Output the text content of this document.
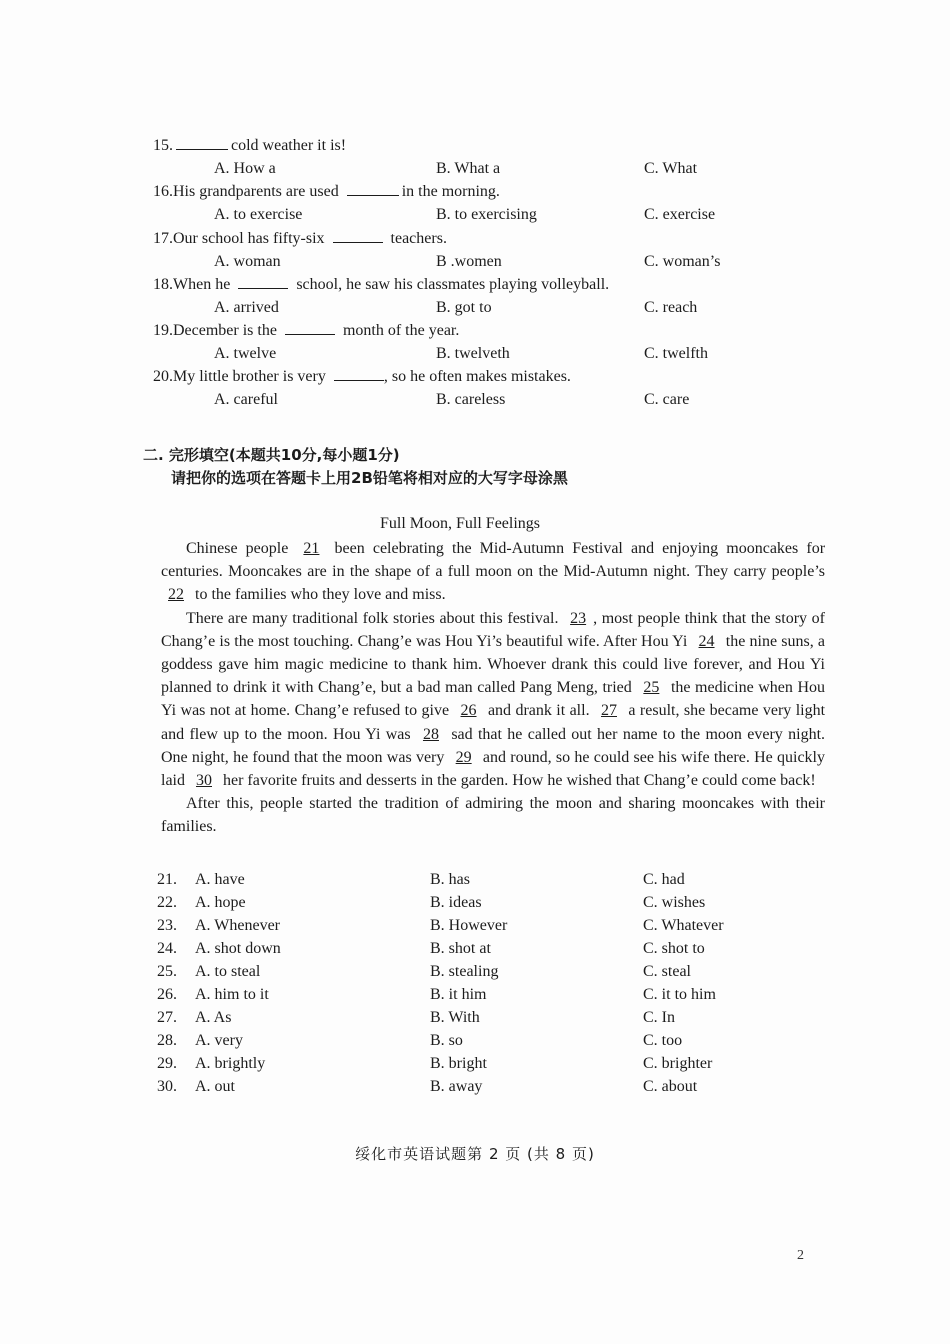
15.	cold weather it is!
A. How a	B. What a	C. What
16.His grandparents are used	in the morning.
A. to exercise	B. to exercising	C. exercise
17.Our school has fifty-six	teachers.
A. woman	B .women	C. woman’s
18.When he	school, he saw his classmates playing volleyball.
A. arrived	B. got to	C. reach
19.December is the	month of the year.
A. twelve	B. twelveth	C. twelfth
20.My little brother is very	, so he often makes mistakes.
A. careful	B. careless	C. care
二. 完形填空(本题共10分,每小题1分)
请把你的选项在答题卡上用2B铅笔将相对应的大写字母涂黑
Full Moon, Full Feelings

Chinese people 21 been celebrating the Mid-Autumn Festival and enjoying mooncakes for centuries. Mooncakes are in the shape of a full moon on the Mid-Autumn night. They carry people’s 22 to the families who they love and miss.

There are many traditional folk stories about this festival. 23 , most people think that the story of Chang’e is the most touching. Chang’e was Hou Yi’s beautiful wife. After Hou Yi 24 the nine suns, a goddess gave him magic medicine to thank him. Whoever drank this could live forever, and Hou Yi planned to drink it with Chang’e, but a bad man called Pang Meng, tried 25 the medicine when Hou Yi was not at home. Chang’e refused to give 26 and drank it all. 27 a result, she became very light and flew up to the moon. Hou Yi was 28 sad that he called out her name to the moon every night. One night, he found that the moon was very 29 and round, so he could see his wife there. He quickly laid 30 her favorite fruits and desserts in the garden. How he wished that Chang’e could come back!

After this, people started the tradition of admiring the moon and sharing mooncakes with their families.

21. A. have	B. has	C. had
22. A. hope	B. ideas	C. wishes
23. A. Whenever	B. However	C. Whatever
24. A. shot down	B. shot at	C. shot to
25. A. to steal	B. stealing	C. steal
26. A. him to it	B. it him	C. it to him
27. A. As	B. With	C. In
28. A. very	B. so	C. too
29. A. brightly	B. bright	C. brighter
30. A. out	B. away	C. about
绥化市英语试题第 2 页 (共 8 页)
2
